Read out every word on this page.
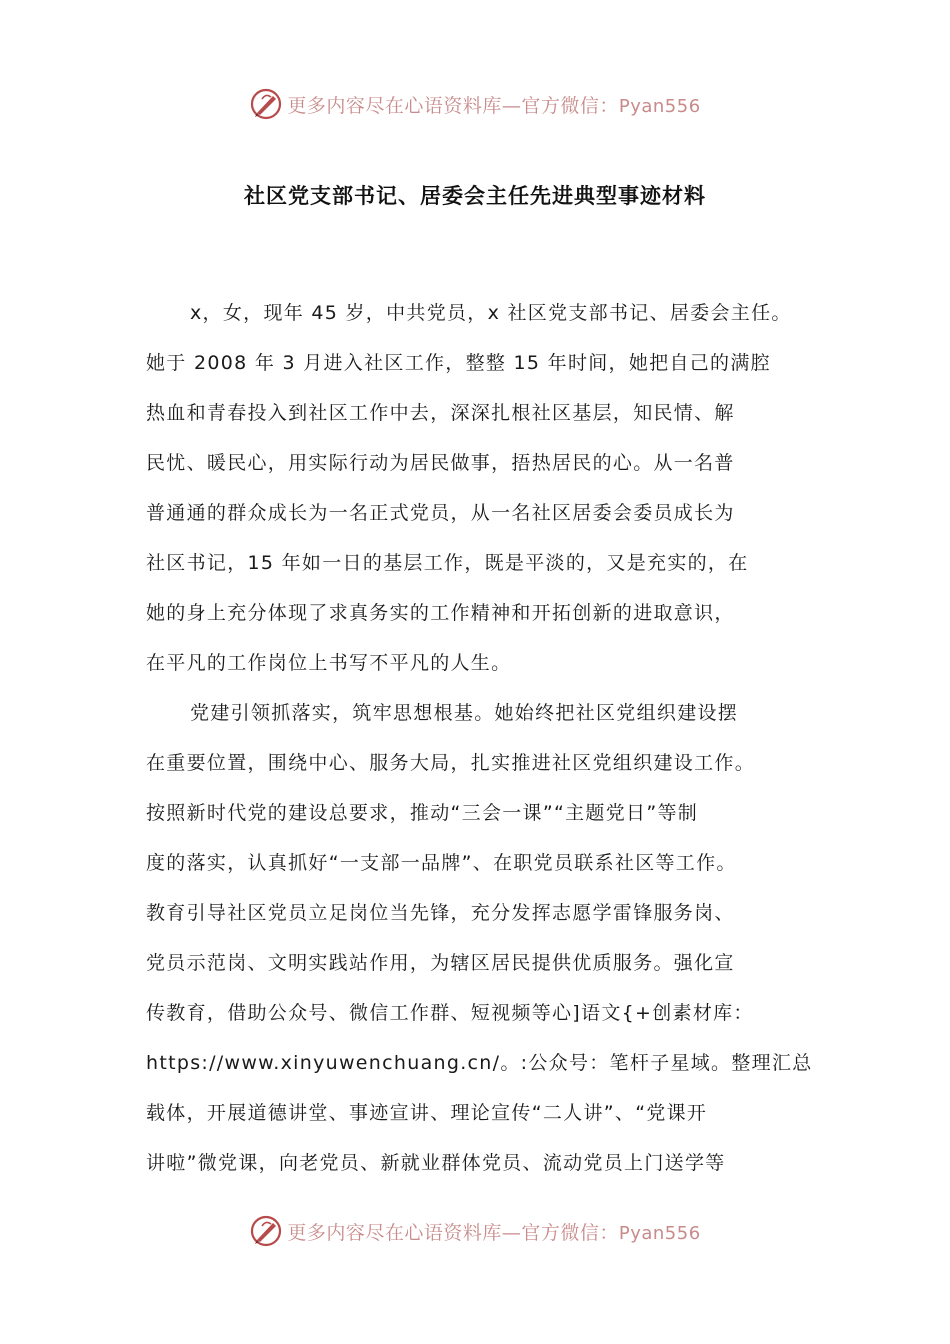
更多内容尽在心语资料库—官方微信：Pyan556
社区党支部书记、居委会主任先进典型事迹材料
x，女，现年 45 岁，中共党员，x 社区党支部书记、居委会主任。
她于 2008 年 3 月进入社区工作，整整 15 年时间，她把自己的满腔
热血和青春投入到社区工作中去，深深扎根社区基层，知民情、解
民忧、暖民心，用实际行动为居民做事，捂热居民的心。从一名普
普通通的群众成长为一名正式党员，从一名社区居委会委员成长为
社区书记，15 年如一日的基层工作，既是平淡的，又是充实的，在
她的身上充分体现了求真务实的工作精神和开拓创新的进取意识，
在平凡的工作岗位上书写不平凡的人生。
党建引领抓落实，筑牢思想根基。她始终把社区党组织建设摆
在重要位置，围绕中心、服务大局，扎实推进社区党组织建设工作。
按照新时代党的建设总要求，推动“三会一课”“主题党日”等制
度的落实，认真抓好“一支部一品牌”、在职党员联系社区等工作。
教育引导社区党员立足岗位当先锋，充分发挥志愿学雷锋服务岗、
党员示范岗、文明实践站作用，为辖区居民提供优质服务。强化宣
传教育，借助公众号、微信工作群、短视频等心]语文{+创素材库：
https://www.xinyuwenchuang.cn/。:公众号：笔杆子星域。整理汇总
载体，开展道德讲堂、事迹宣讲、理论宣传“二人讲”、“党课开
讲啦”微党课，向老党员、新就业群体党员、流动党员上门送学等
更多内容尽在心语资料库—官方微信：Pyan556
